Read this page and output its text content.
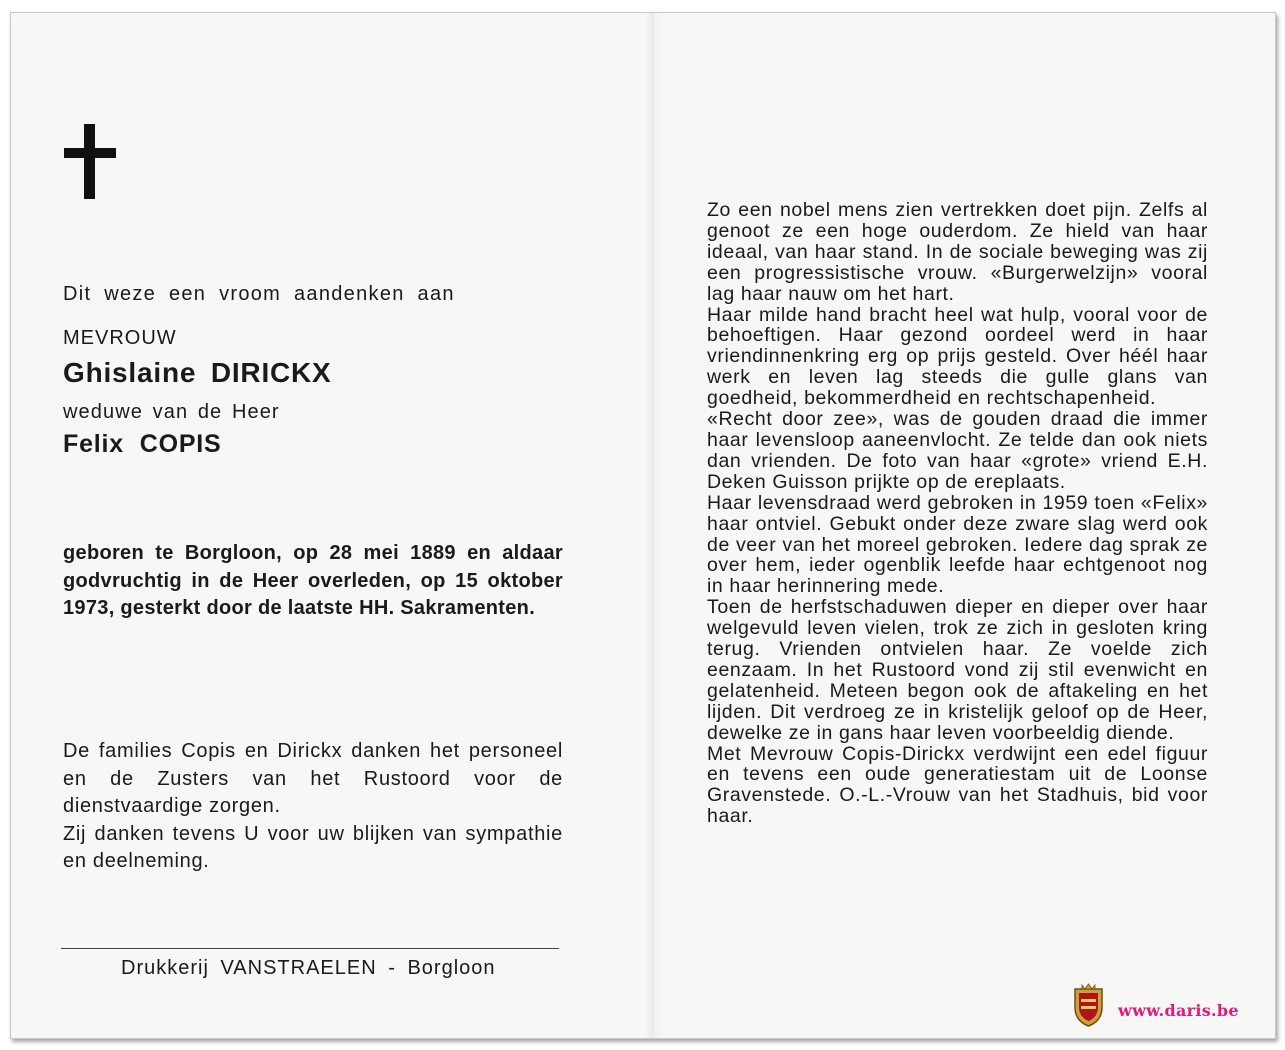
Dit weze een vroom aandenken aan

MEVROUW

Ghislaine DIRICKX

weduwe van de Heer

Felix COPIS

geboren te Borgloon, op 28 mei 1889 en aldaar godvruchtig in de Heer overleden, op 15 oktober 1973, gesterkt door de laatste HH. Sakramenten.

De families Copis en Dirickx danken het personeel en de Zusters van het Rustoord voor de dienstvaardige zorgen.

Zij danken tevens U voor uw blijken van sympathie en deelneming.

Drukkerij VANSTRAELEN - Borgloon

Zo een nobel mens zien vertrekken doet pijn. Zelfs al genoot ze een hoge ouderdom. Ze hield van haar ideaal, van haar stand. In de sociale beweging was zij een progressistische vrouw. «Burgerwelzijn» vooral lag haar nauw om het hart.

Haar milde hand bracht heel wat hulp, vooral voor de behoeftigen. Haar gezond oordeel werd in haar vriendinnenkring erg op prijs gesteld. Over héél haar werk en leven lag steeds die gulle glans van goedheid, bekommerdheid en rechtschapenheid.

«Recht door zee», was de gouden draad die immer haar levensloop aaneenvlocht. Ze telde dan ook niets dan vrienden. De foto van haar «grote» vriend E.H. Deken Guisson prijkte op de ereplaats.

Haar levensdraad werd gebroken in 1959 toen «Felix» haar ontviel. Gebukt onder deze zware slag werd ook de veer van het moreel gebroken. Iedere dag sprak ze over hem, ieder ogenblik leefde haar echtgenoot nog in haar herinnering mede.

Toen de herfstschaduwen dieper en dieper over haar welgevuld leven vielen, trok ze zich in gesloten kring terug. Vrienden ontvielen haar. Ze voelde zich eenzaam. In het Rustoord vond zij stil evenwicht en gelatenheid. Meteen begon ook de aftakeling en het lijden. Dit verdroeg ze in kristelijk geloof op de Heer, dewelke ze in gans haar leven voorbeeldig diende.

Met Mevrouw Copis-Dirickx verdwijnt een edel figuur en tevens een oude generatiestam uit de Loonse Gravenstede. O.-L.-Vrouw van het Stadhuis, bid voor haar.

www.daris.be
